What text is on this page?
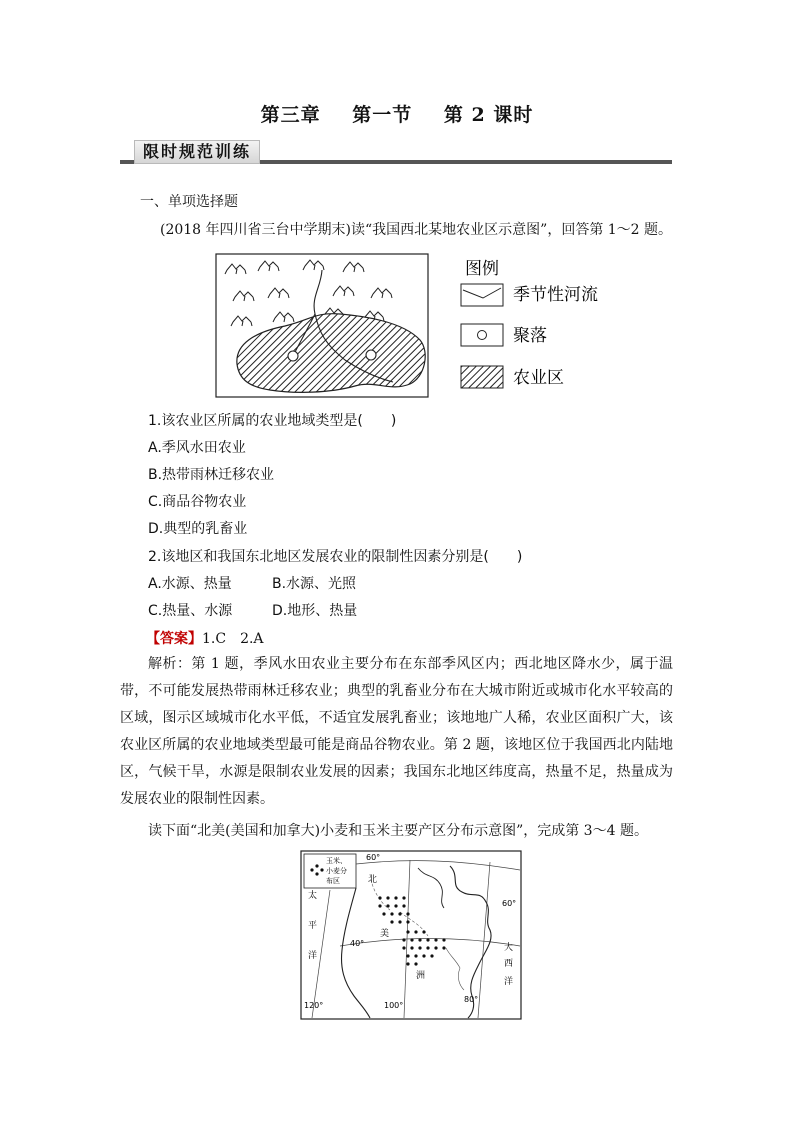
第三章 第一节 第 2 课时
限时规范训练
一、单项选择题
(2018 年四川省三台中学期末)读“我国西北某地农业区示意图”，回答第 1～2 题。
图例
季节性河流
聚落
农业区
1.该农业区所属的农业地域类型是(　　)
A.季风水田农业
B.热带雨林迁移农业
C.商品谷物农业
D.典型的乳畜业
2.该地区和我国东北地区发展农业的限制性因素分别是(　　)
A.水源、热量	B.水源、光照
C.热量、水源	D.地形、热量
【答案】1.C　2.A
解析：第 1 题，季风水田农业主要分布在东部季风区内；西北地区降水少，属于温带，不可能发展热带雨林迁移农业；典型的乳畜业分布在大城市附近或城市化水平较高的区域，图示区域城市化水平低，不适宜发展乳畜业；该地地广人稀，农业区面积广大，该农业区所属的农业地域类型最可能是商品谷物农业。第 2 题，该地区位于我国西北内陆地区，气候干旱，水源是限制农业发展的因素；我国东北地区纬度高，热量不足，热量成为发展农业的限制性因素。
读下面“北美(美国和加拿大)小麦和玉米主要产区分布示意图”，完成第 3～4 题。
玉米、
小麦分
布区
60°
40°
120°	100°
80°
60°
北
美
洲
太
平
洋
大
西
洋
